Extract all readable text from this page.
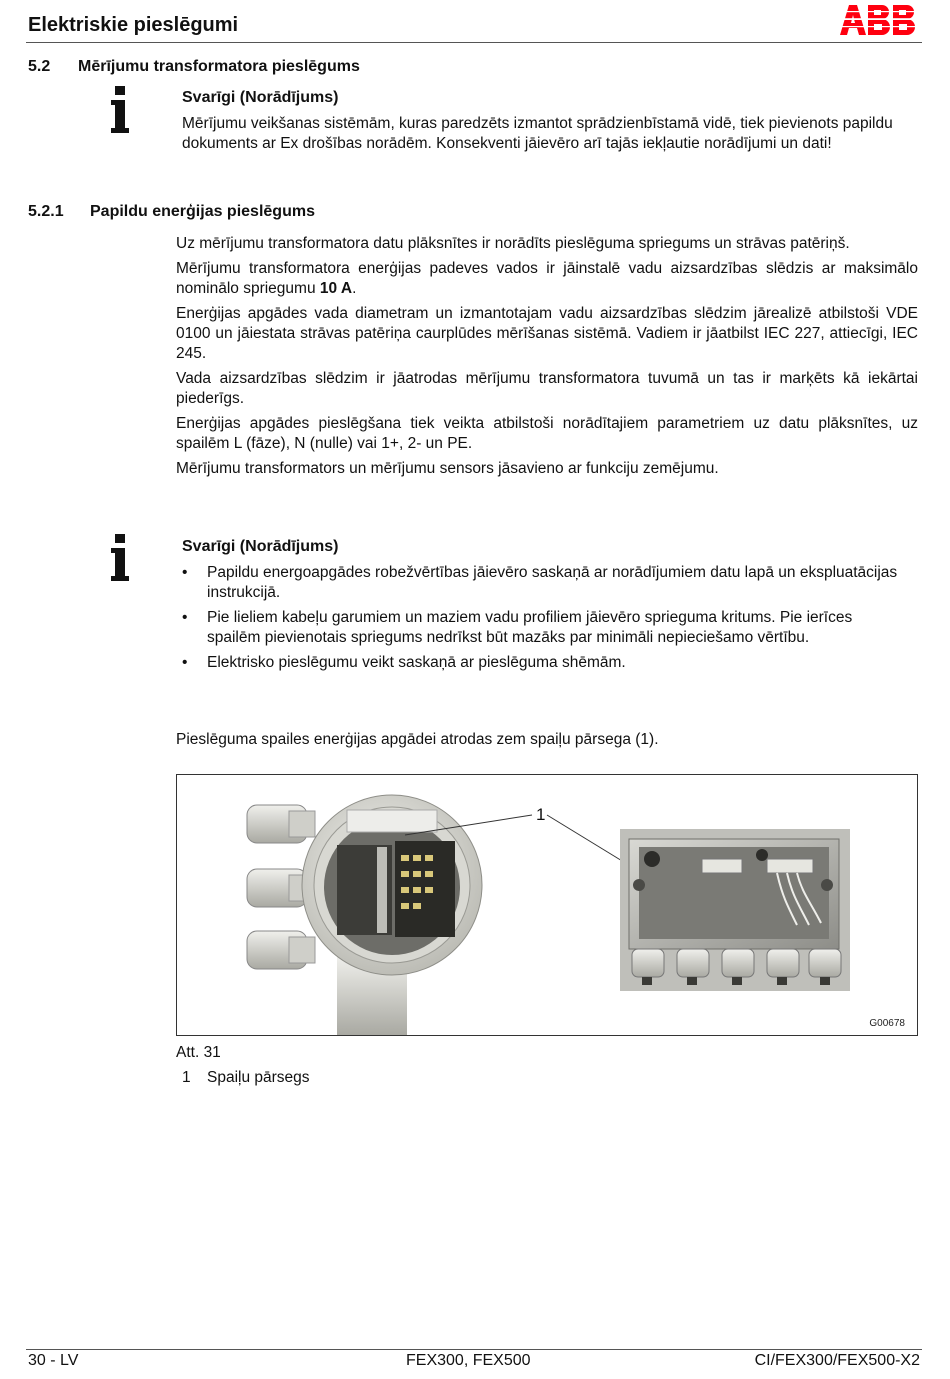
Elektriskie pieslēgumi
5.2 Mērījumu transformatora pieslēgums
Svarīgi (Norādījums)
Mērījumu veikšanas sistēmām, kuras paredzēts izmantot sprādzienbīstamā vidē, tiek pievienots papildu dokuments ar Ex drošības norādēm. Konsekventi jāievēro arī tajās iekļautie norādījumi un dati!
5.2.1 Papildu enerģijas pieslēgums

Uz mērījumu transformatora datu plāksnītes ir norādīts pieslēguma spriegums un strāvas patēriņš.

Mērījumu transformatora enerģijas padeves vados ir jāinstalē vadu aizsardzības slēdzis ar maksimālo nominālo spriegumu 10 A.

Enerģijas apgādes vada diametram un izmantotajam vadu aizsardzības slēdzim jārealizē atbilstoši VDE 0100 un jāiestata strāvas patēriņa caurplūdes mērīšanas sistēmā. Vadiem ir jāatbilst IEC 227, attiecīgi, IEC 245.

Vada aizsardzības slēdzim ir jāatrodas mērījumu transformatora tuvumā un tas ir marķēts kā iekārtai piederīgs.

Enerģijas apgādes pieslēgšana tiek veikta atbilstoši norādītajiem parametriem uz datu plāksnītes, uz spailēm L (fāze), N (nulle) vai 1+, 2- un PE.

Mērījumu transformators un mērījumu sensors jāsavieno ar funkciju zemējumu.

Svarīgi (Norādījums)
• Papildu energoapgādes robežvērtības jāievēro saskaņā ar norādījumiem datu lapā un ekspluatācijas instrukcijā.
• Pie lieliem kabeļu garumiem un maziem vadu profiliem jāievēro sprieguma kritums. Pie ierīces spailēm pievienotais spriegums nedrīkst būt mazāks par minimāli nepieciešamo vērtību.
• Elektrisko pieslēgumu veikt saskaņā ar pieslēguma shēmām.
Pieslēguma spailes enerģijas apgādei atrodas zem spaiļu pārsega (1).
1
G00678
Att. 31
1 Spaiļu pārsegs
30 - LV	FEX300, FEX500	CI/FEX300/FEX500-X2
